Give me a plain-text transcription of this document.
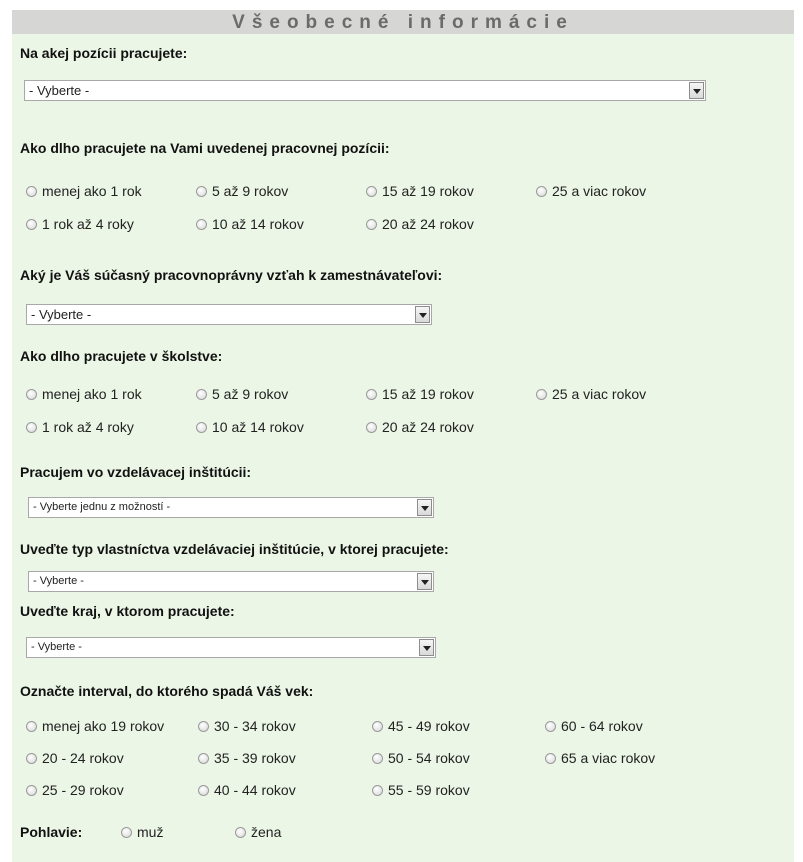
Všeobecné informácie
Na akej pozícii pracujete:
- Vyberte -
Ako dlho pracujete na Vami uvedenej pracovnej pozícii:
menej ako 1 rok	5 až 9 rokov	15 až 19 rokov	25 a viac rokov
1 rok až 4 roky	10 až 14 rokov	20 až 24 rokov
Aký je Váš súčasný pracovnoprávny vzťah k zamestnávateľovi:
- Vyberte -
Ako dlho pracujete v školstve:
menej ako 1 rok	5 až 9 rokov	15 až 19 rokov	25 a viac rokov
1 rok až 4 roky	10 až 14 rokov	20 až 24 rokov
Pracujem vo vzdelávacej inštitúcii:
- Vyberte jednu z možností -
Uveďte typ vlastníctva vzdelávaciej inštitúcie, v ktorej pracujete:
- Vyberte -
Uveďte kraj, v ktorom pracujete:
- Vyberte -
Označte interval, do ktorého spadá Váš vek:
menej ako 19 rokov	30 - 34 rokov	45 - 49 rokov	60 - 64 rokov
20 - 24 rokov	35 - 39 rokov	50 - 54 rokov	65 a viac rokov
25 - 29 rokov	40 - 44 rokov	55 - 59 rokov
Pohlavie:	muž	žena
